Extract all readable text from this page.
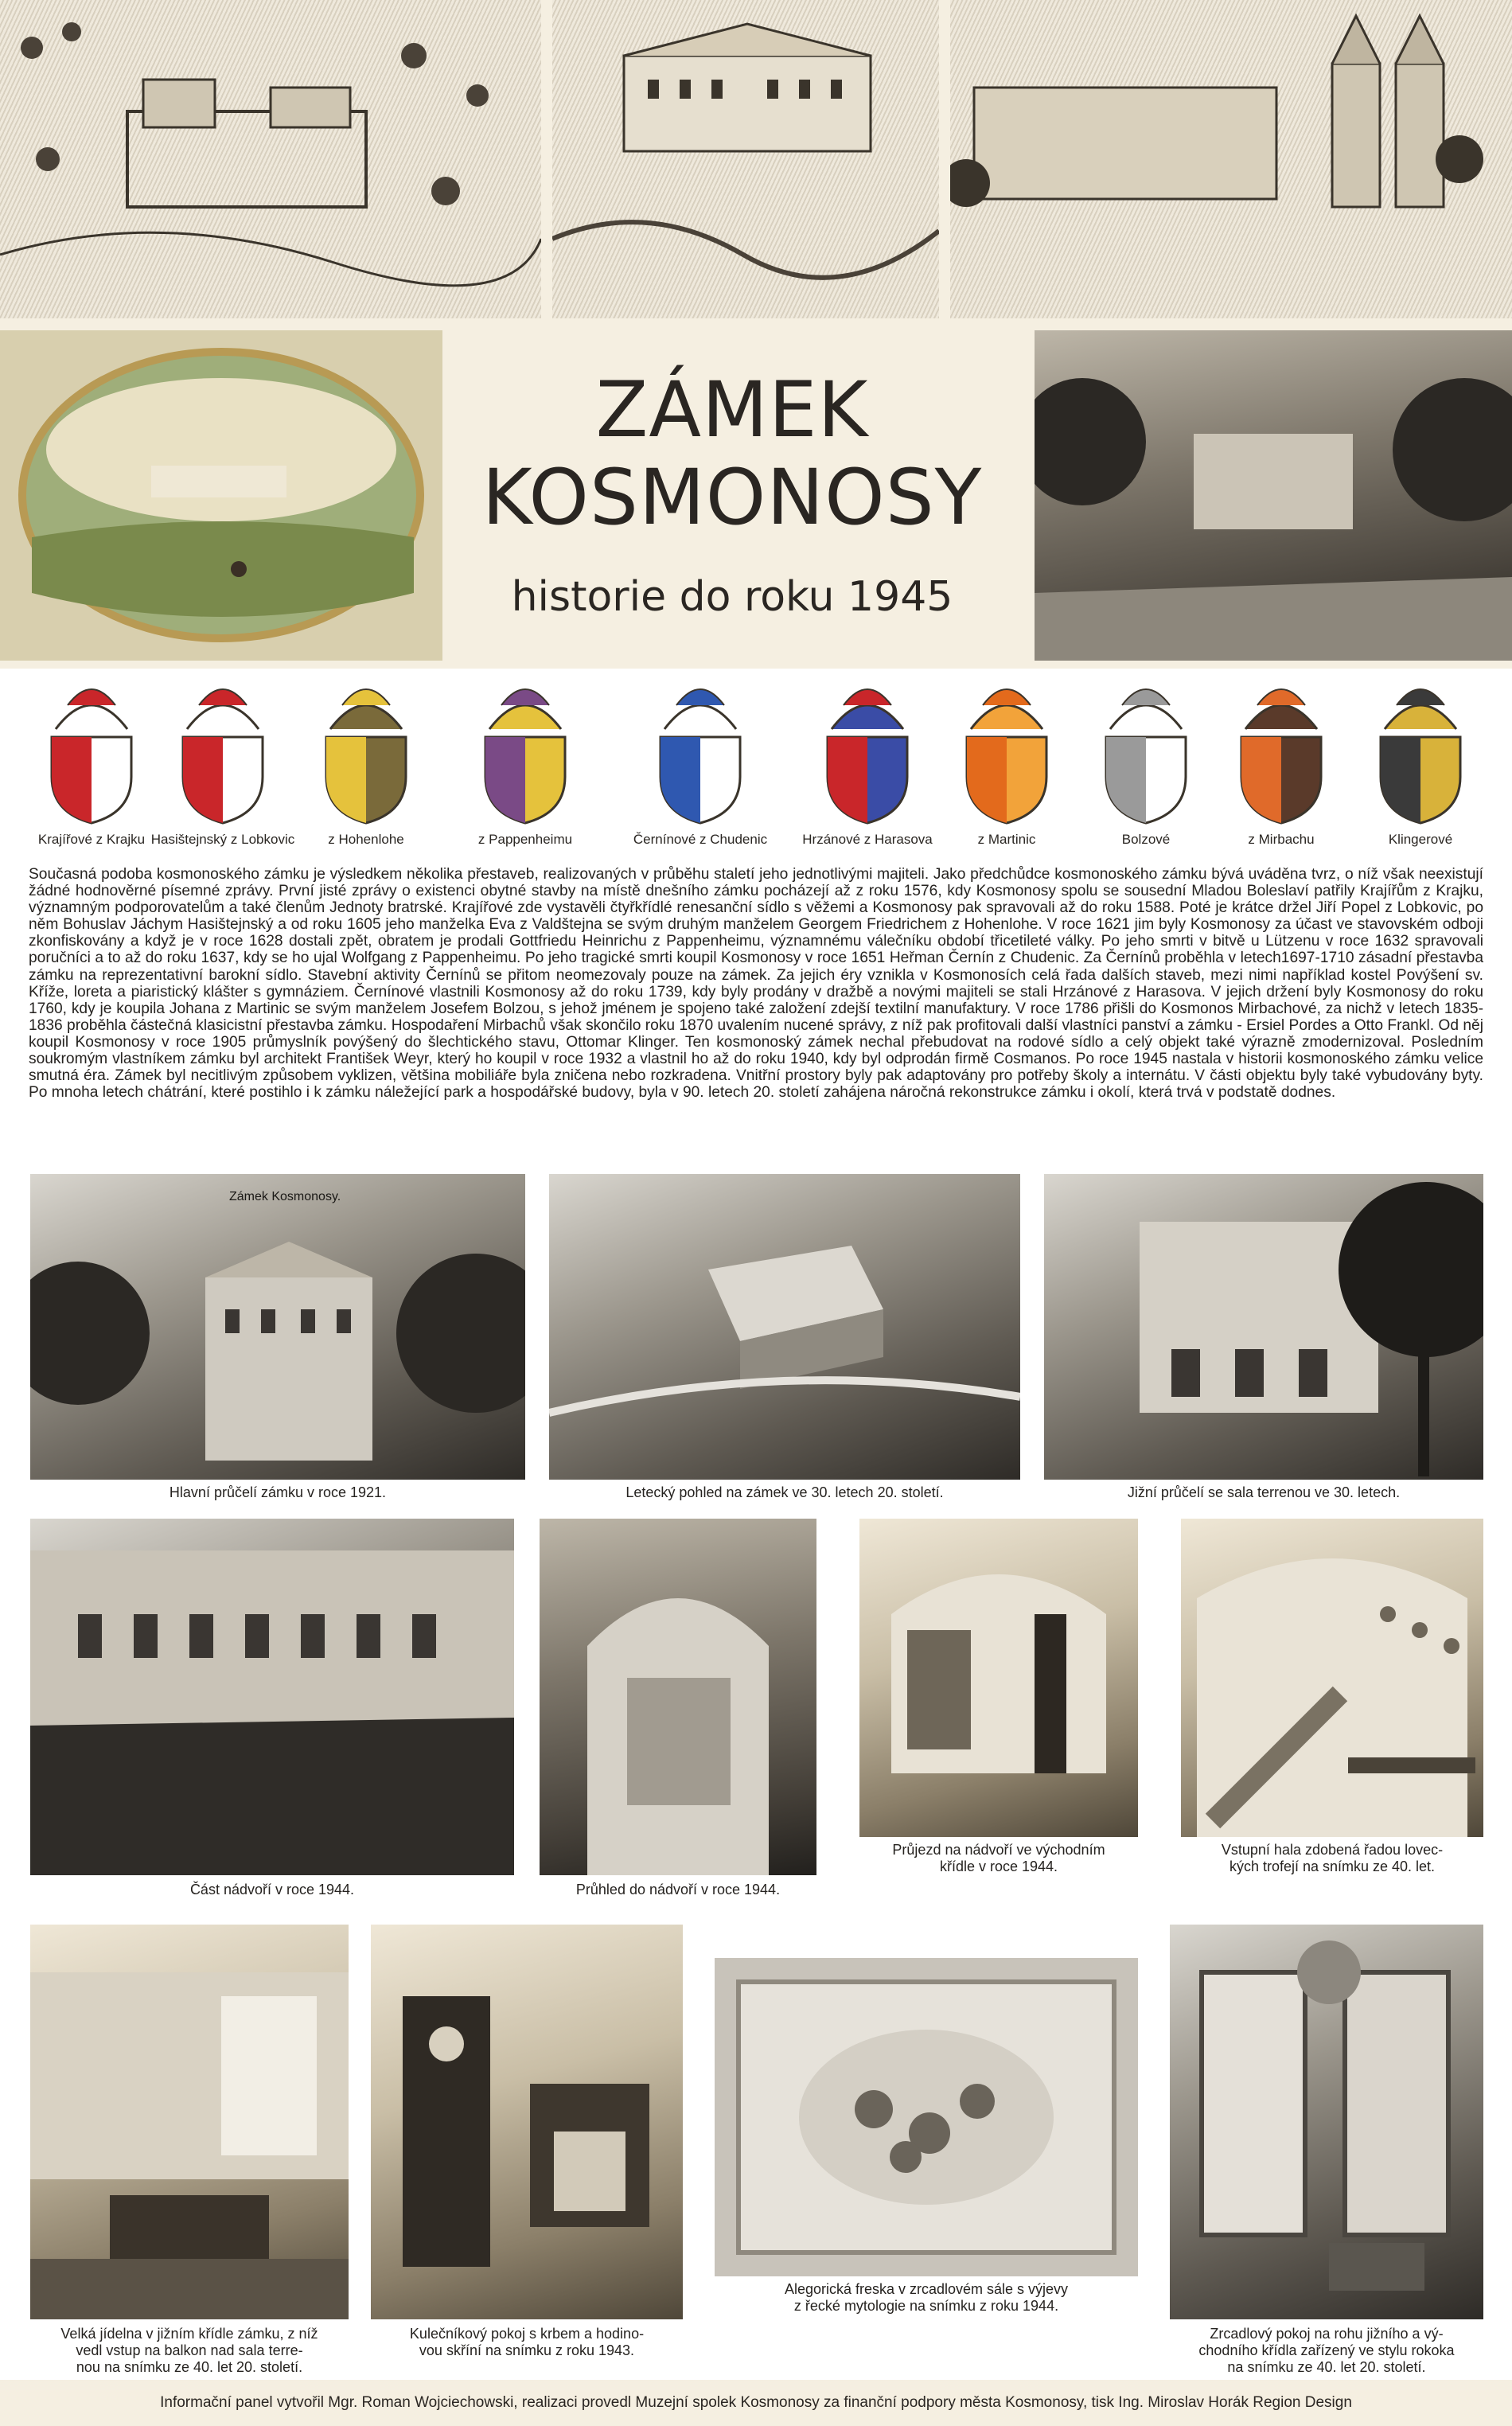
ZÁMEK
KOSMONOSY
historie do roku 1945
Krajířové z Krajku Hasištejnský z Lobkovic	z Hohenlohe	z Pappenheimu	Černínové z Chudenic	Hrzánové z Harasova	z Martinic	Bolzové	z Mirbachu	Klingerové
Současná podoba kosmonoského zámku je výsledkem několika přestaveb, realizovaných v průběhu staletí jeho jednotlivými majiteli. Jako předchůdce kosmonoského zámku bývá uváděna tvrz, o níž však neexistují žádné hodnověrné písemné zprávy. První jisté zprávy o existenci obytné stavby na místě dnešního zámku pocházejí až z roku 1576, kdy Kosmonosy spolu se sousední Mladou Boleslaví patřily Krajířům z Krajku, významným podporovatelům a také členům Jednoty bratrské. Krajířové zde vystavěli čtyřkřídlé renesanční sídlo s věžemi a Kosmonosy pak spravovali až do roku 1588. Poté je krátce držel Jiří Popel z Lobkovic, po něm Bohuslav Jáchym Hasištejnský a od roku 1605 jeho manželka Eva z Valdštejna se svým druhým manželem Georgem Friedrichem z Hohenlohe. V roce 1621 jim byly Kosmonosy za účast ve stavovském odboji zkonfiskovány a když je v roce 1628 dostali zpět, obratem je prodali Gottfriedu Heinrichu z Pappenheimu, významnému válečníku období třicetileté války. Po jeho smrti v bitvě u Lützenu v roce 1632 spravovali poručníci a to až do roku 1637, kdy se ho ujal Wolfgang z Pappenheimu. Po jeho tragické smrti koupil Kosmonosy v roce 1651 Heřman Černín z Chudenic. Za Černínů proběhla v letech1697-1710 zásadní přestavba zámku na reprezentativní barokní sídlo. Stavební aktivity Černínů se přitom neomezovaly pouze na zámek. Za jejich éry vznikla v Kosmonosích celá řada dalších staveb, mezi nimi například kostel Povýšení sv. Kříže, loreta a piaristický klášter s gymnáziem. Černínové vlastnili Kosmonosy až do roku 1739, kdy byly prodány v dražbě a novými majiteli se stali Hrzánové z Harasova. V jejich držení byly Kosmonosy do roku 1760, kdy je koupila Johana z Martinic se svým manželem Josefem Bolzou, s jehož jménem je spojeno také založení zdejší textilní manufaktury. V roce 1786 přišli do Kosmonos Mirbachové, za nichž v letech 1835-1836 proběhla částečná klasicistní přestavba zámku. Hospodaření Mirbachů však skončilo roku 1870 uvalením nucené správy, z níž pak profitovali další vlastníci panství a zámku - Ersiel Pordes a Otto Frankl. Od něj koupil Kosmonosy v roce 1905 průmyslník povýšený do šlechtického stavu, Ottomar Klinger. Ten kosmonoský zámek nechal přebudovat na rodové sídlo a celý objekt také výrazně zmodernizoval. Posledním soukromým vlastníkem zámku byl architekt František Weyr, který ho koupil v roce 1932 a vlastnil ho až do roku 1940, kdy byl odprodán firmě Cosmanos. Po roce 1945 nastala v historii kosmonoského zámku velice smutná éra. Zámek byl necitlivým způsobem vyklizen, většina mobiliáře byla zničena nebo rozkradena. Vnitřní prostory byly pak adaptovány pro potřeby školy a internátu. V části objektu byly také vybudovány byty. Po mnoha letech chátrání, které postihlo i k zámku náležející park a hospodářské budovy, byla v 90. letech 20. století zahájena náročná rekonstrukce zámku i okolí, která trvá v podstatě dodnes.
Zámek Kosmonosy.
Hlavní průčelí zámku v roce 1921.	Letecký pohled na zámek ve 30. letech 20. století.	Jižní průčelí se sala terrenou ve 30. letech.
Část nádvoří v roce 1944.	Průhled do nádvoří v roce 1944.
Průjezd na nádvoří ve východním
křídle v roce 1944.
Vstupní hala zdobená řadou lovec-
kých trofejí na snímku ze 40. let.
Velká jídelna v jižním křídle zámku, z níž
vedl vstup na balkon nad sala terre-
nou na snímku ze 40. let 20. století.
Kulečníkový pokoj s krbem a hodino-
vou skříní na snímku z roku 1943.
Alegorická freska v zrcadlovém sále s výjevy
z řecké mytologie na snímku z roku 1944.
Zrcadlový pokoj na rohu jižního a vý-
chodního křídla zařízený ve stylu rokoka
na snímku ze 40. let 20. století.
Informační panel vytvořil Mgr. Roman Wojciechowski, realizaci provedl Muzejní spolek Kosmonosy za finanční podpory města Kosmonosy, tisk Ing. Miroslav Horák Region Design
